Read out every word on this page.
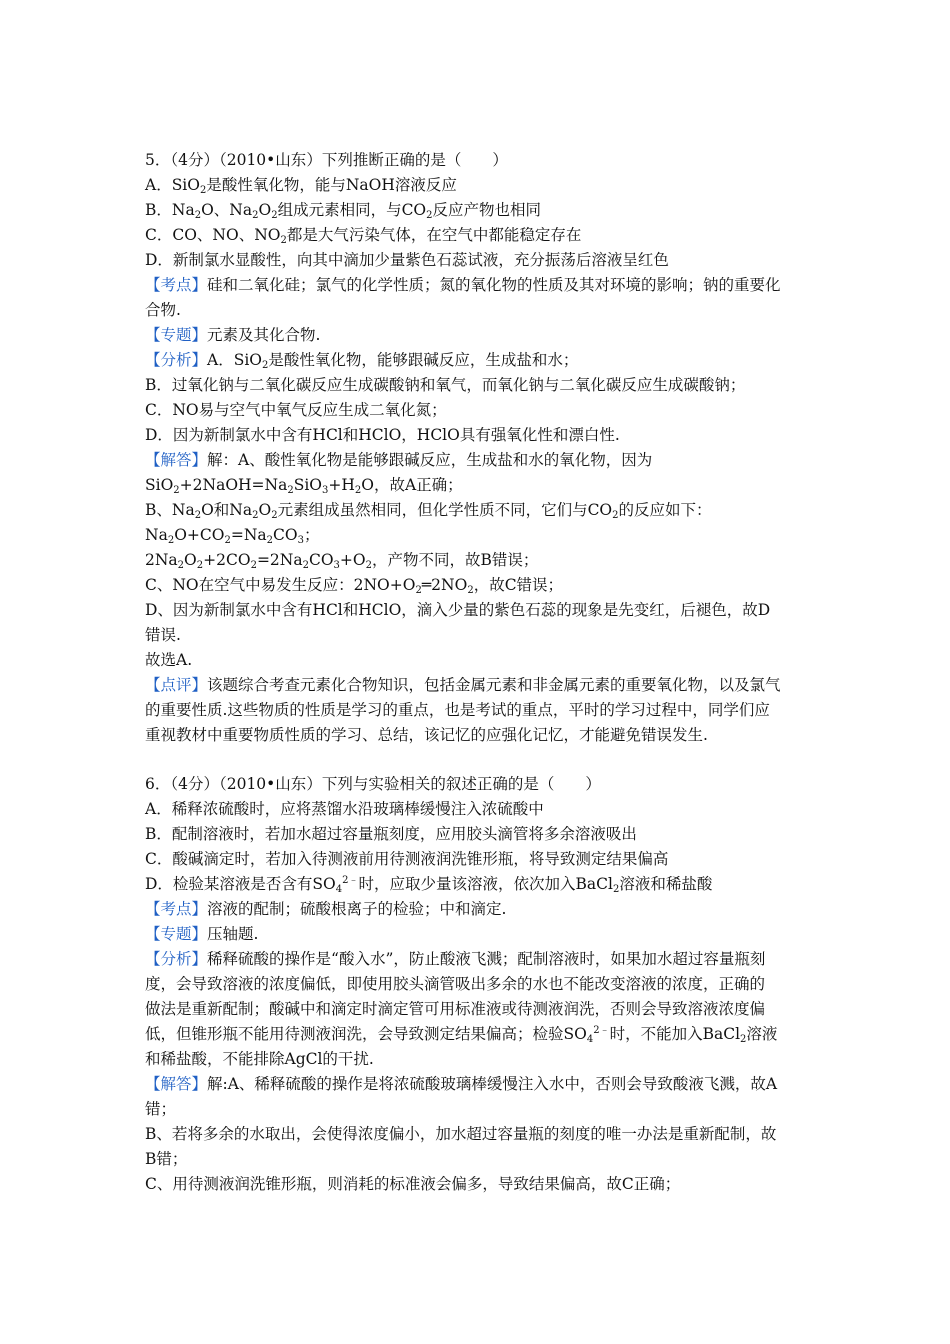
5．（4分）（2010•山东）下列推断正确的是（　　）
A．SiO$_2$是酸性氧化物，能与NaOH溶液反应
B．$Na_2O$、$Na_2O_2$组成元素相同，与$CO_2$反应产物也相同
C．CO、NO、$NO_2$都是大气污染气体，在空气中都能稳定存在
D．新制氯水显酸性，向其中滴加少量紫色石蕊试液，充分振荡后溶液呈红色
【考点】硅和二氧化硅；氯气的化学性质；氮的氧化物的性质及其对环境的影响；钠的重要化
合物.
【专题】元素及其化合物.
【分析】A．SiO$_2$是酸性氧化物，能够跟碱反应，生成盐和水；
B．过氧化钠与二氧化碳反应生成碳酸钠和氧气，而氧化钠与二氧化碳反应生成碳酸钠；
C．NO易与空气中氧气反应生成二氧化氮；
D．因为新制氯水中含有HCl和HClO，HClO具有强氧化性和漂白性.
【解答】解：A、酸性氧化物是能够跟碱反应，生成盐和水的氧化物，因为
$SiO_2+2NaOH=Na_2SiO_3+H_2O$，故A正确；
B、$Na_2O$和$Na_2O_2$元素组成虽然相同，但化学性质不同，它们与$CO_2$的反应如下：
$Na_2O+CO_2=Na_2CO_3$；
$2Na_2O_2+2CO_2=2Na_2CO_3+O_2$，产物不同，故B错误；
C、NO在空气中易发生反应：$2NO+O_2═2NO_2$，故C错误；
D、因为新制氯水中含有HCl和HClO，滴入少量的紫色石蕊的现象是先变红，后褪色，故D
错误.
故选A.
【点评】该题综合考查元素化合物知识，包括金属元素和非金属元素的重要氧化物，以及氯气
的重要性质.这些物质的性质是学习的重点，也是考试的重点，平时的学习过程中，同学们应
重视教材中重要物质性质的学习、总结，该记忆的应强化记忆，才能避免错误发生.
6．（4分）（2010•山东）下列与实验相关的叙述正确的是（　　）
A．稀释浓硫酸时，应将蒸馏水沿玻璃棒缓慢注入浓硫酸中
B．配制溶液时，若加水超过容量瓶刻度，应用胶头滴管将多余溶液吸出
C．酸碱滴定时，若加入待测液前用待测液润洗锥形瓶，将导致测定结果偏高
D．检验某溶液是否含有$SO_4^{2﹣}$时，应取少量该溶液，依次加入BaCl$_2$溶液和稀盐酸
【考点】溶液的配制；硫酸根离子的检验；中和滴定.
【专题】压轴题.
【分析】稀释硫酸的操作是“酸入水”，防止酸液飞溅；配制溶液时，如果加水超过容量瓶刻
度，会导致溶液的浓度偏低，即使用胶头滴管吸出多余的水也不能改变溶液的浓度，正确的
做法是重新配制；酸碱中和滴定时滴定管可用标准液或待测液润洗，否则会导致溶液浓度偏
低，但锥形瓶不能用待测液润洗，会导致测定结果偏高；检验$SO_4^{2﹣}$时，不能加入BaCl$_2$溶液
和稀盐酸，不能排除AgCl的干扰.
【解答】解:A、稀释硫酸的操作是将浓硫酸玻璃棒缓慢注入水中，否则会导致酸液飞溅，故A
错；
B、若将多余的水取出，会使得浓度偏小，加水超过容量瓶的刻度的唯一办法是重新配制，故
B错；
C、用待测液润洗锥形瓶，则消耗的标准液会偏多，导致结果偏高，故C正确；
